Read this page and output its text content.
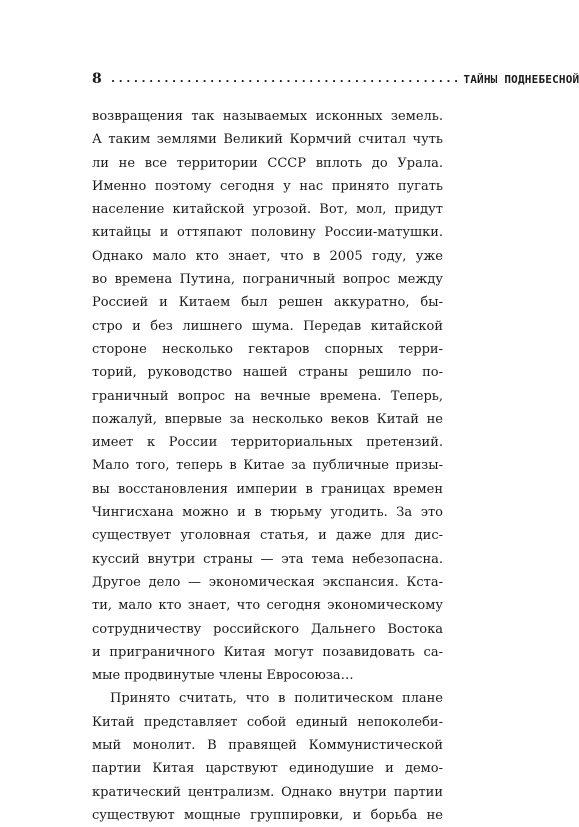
8 .............................................. ТАЙНЫ ПОДНЕБЕСНОЙ
возвращения так называемых исконных земель.
А таким землями Великий Кормчий считал чуть
ли не все территории СССР вплоть до Урала.
Именно поэтому сегодня у нас принято пугать
население китайской угрозой. Вот, мол, придут
китайцы и оттяпают половину России-матушки.
Однако мало кто знает, что в 2005 году, уже
во времена Путина, пограничный вопрос между
Россией и Китаем был решен аккуратно, бы-
стро и без лишнего шума. Передав китайской
стороне несколько гектаров спорных терри-
торий, руководство нашей страны решило по-
граничный вопрос на вечные времена. Теперь,
пожалуй, впервые за несколько веков Китай не
имеет к России территориальных претензий.
Мало того, теперь в Китае за публичные призы-
вы восстановления империи в границах времен
Чингисхана можно и в тюрьму угодить. За это
существует уголовная статья, и даже для дис-
куссий внутри страны — эта тема небезопасна.
Другое дело — экономическая экспансия. Кста-
ти, мало кто знает, что сегодня экономическому
сотрудничеству российского Дальнего Востока
и приграничного Китая могут позавидовать са-
мые продвинутые члены Евросоюза…
Принято считать, что в политическом плане
Китай представляет собой единый непоколеби-
мый монолит. В правящей Коммунистической
партии Китая царствуют единодушие и демо-
кратический централизм. Однако внутри партии
существуют мощные группировки, и борьба не
